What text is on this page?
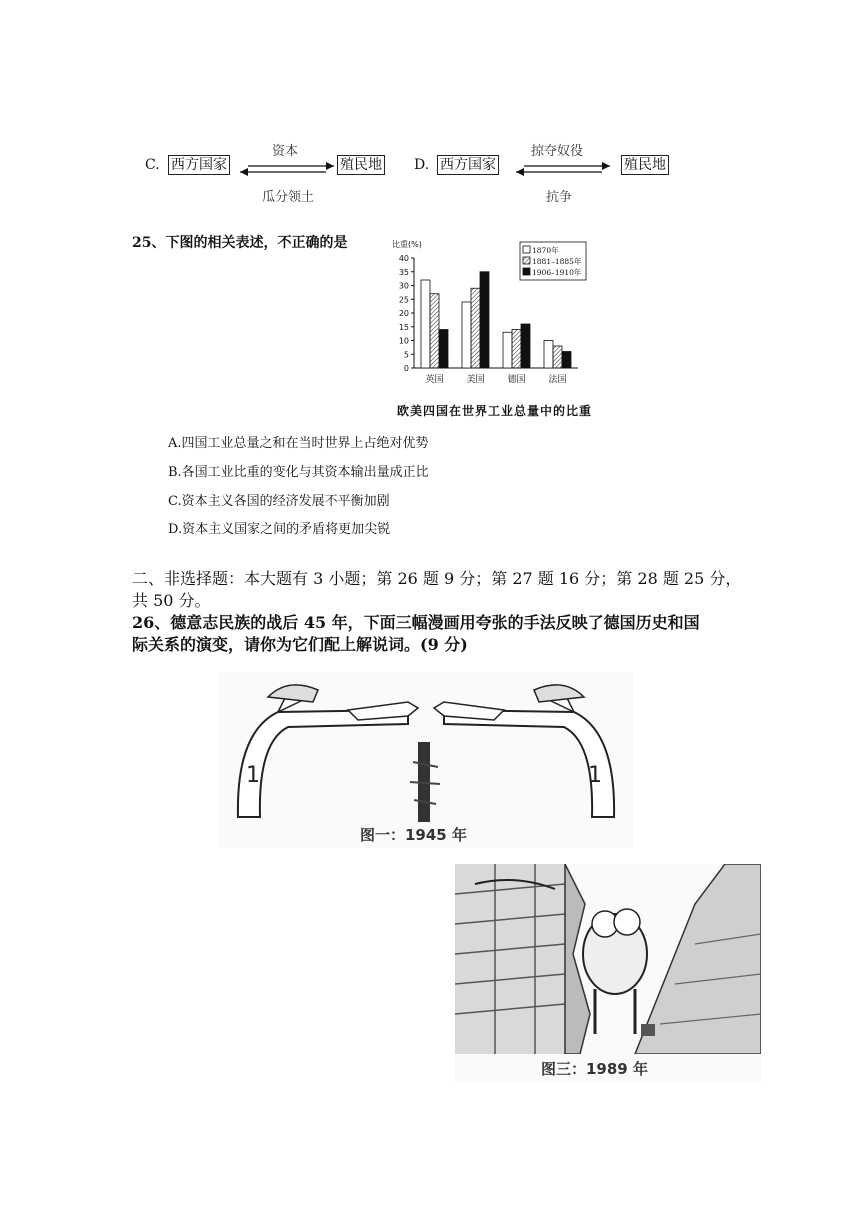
C. 西方国家
资本
殖民地
瓜分领土
D. 西方国家
掠夺奴役
殖民地
抗争
25、下图的相关表述，不正确的是	比重(%)
0
5
10
15
20
25
30
35
40
英国	美国	德国	法国
1870年
1881–1885年
1906–1910年
欧美四国在世界工业总量中的比重
A.四国工业总量之和在当时世界上占绝对优势
B.各国工业比重的变化与其资本输出量成正比
C.资本主义各国的经济发展不平衡加剧
D.资本主义国家之间的矛盾将更加尖锐
二、非选择题：本大题有 3 小题；第 26 题 9 分；第 27 题 16 分；第 28 题 25 分，
共 50 分。
26、德意志民族的战后 45 年，下面三幅漫画用夸张的手法反映了德国历史和国
际关系的演变，请你为它们配上解说词。(9 分)
1	1
图一：1945 年
图三：1989 年
